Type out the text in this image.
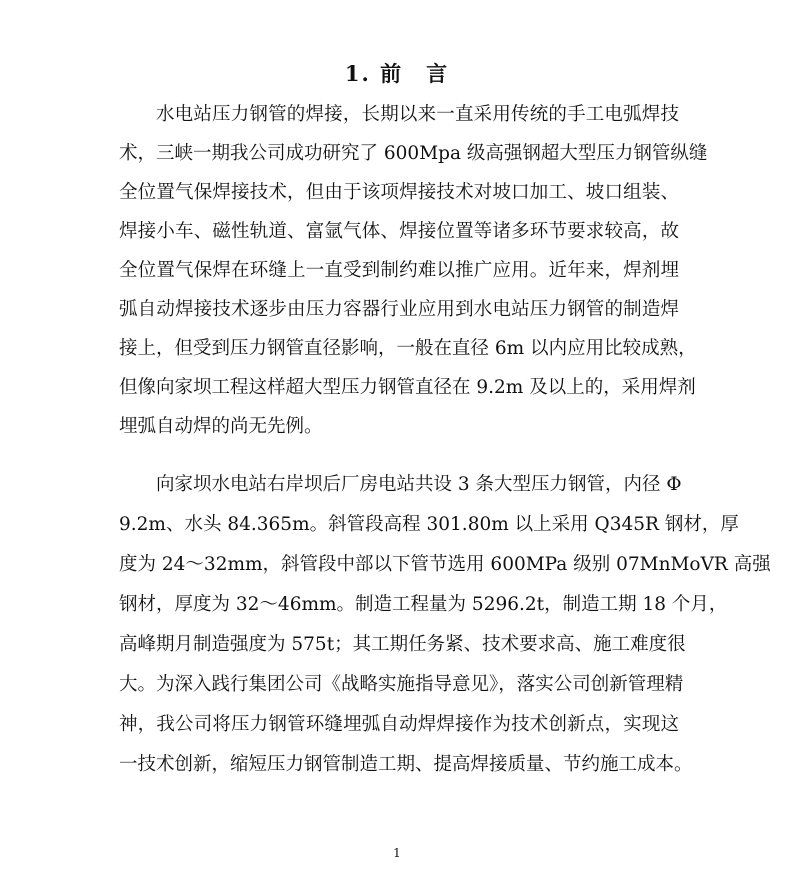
1. 前　言

水电站压力钢管的焊接，长期以来一直采用传统的手工电弧焊技

术，三峡一期我公司成功研究了 600Mpa 级高强钢超大型压力钢管纵缝

全位置气保焊接技术，但由于该项焊接技术对坡口加工、坡口组装、

焊接小车、磁性轨道、富氩气体、焊接位置等诸多环节要求较高，故

全位置气保焊在环缝上一直受到制约难以推广应用。近年来，焊剂埋

弧自动焊接技术逐步由压力容器行业应用到水电站压力钢管的制造焊

接上，但受到压力钢管直径影响，一般在直径 6m 以内应用比较成熟，

但像向家坝工程这样超大型压力钢管直径在 9.2m 及以上的，采用焊剂

埋弧自动焊的尚无先例。

向家坝水电站右岸坝后厂房电站共设 3 条大型压力钢管，内径 Φ

9.2m、水头 84.365m。斜管段高程 301.80m 以上采用 Q345R 钢材，厚

度为 24～32mm，斜管段中部以下管节选用 600MPa 级别 07MnMoVR 高强

钢材，厚度为 32～46mm。制造工程量为 5296.2t，制造工期 18 个月，

高峰期月制造强度为 575t；其工期任务紧、技术要求高、施工难度很

大。为深入践行集团公司《战略实施指导意见》，落实公司创新管理精

神，我公司将压力钢管环缝埋弧自动焊焊接作为技术创新点，实现这

一技术创新，缩短压力钢管制造工期、提高焊接质量、节约施工成本。

1
